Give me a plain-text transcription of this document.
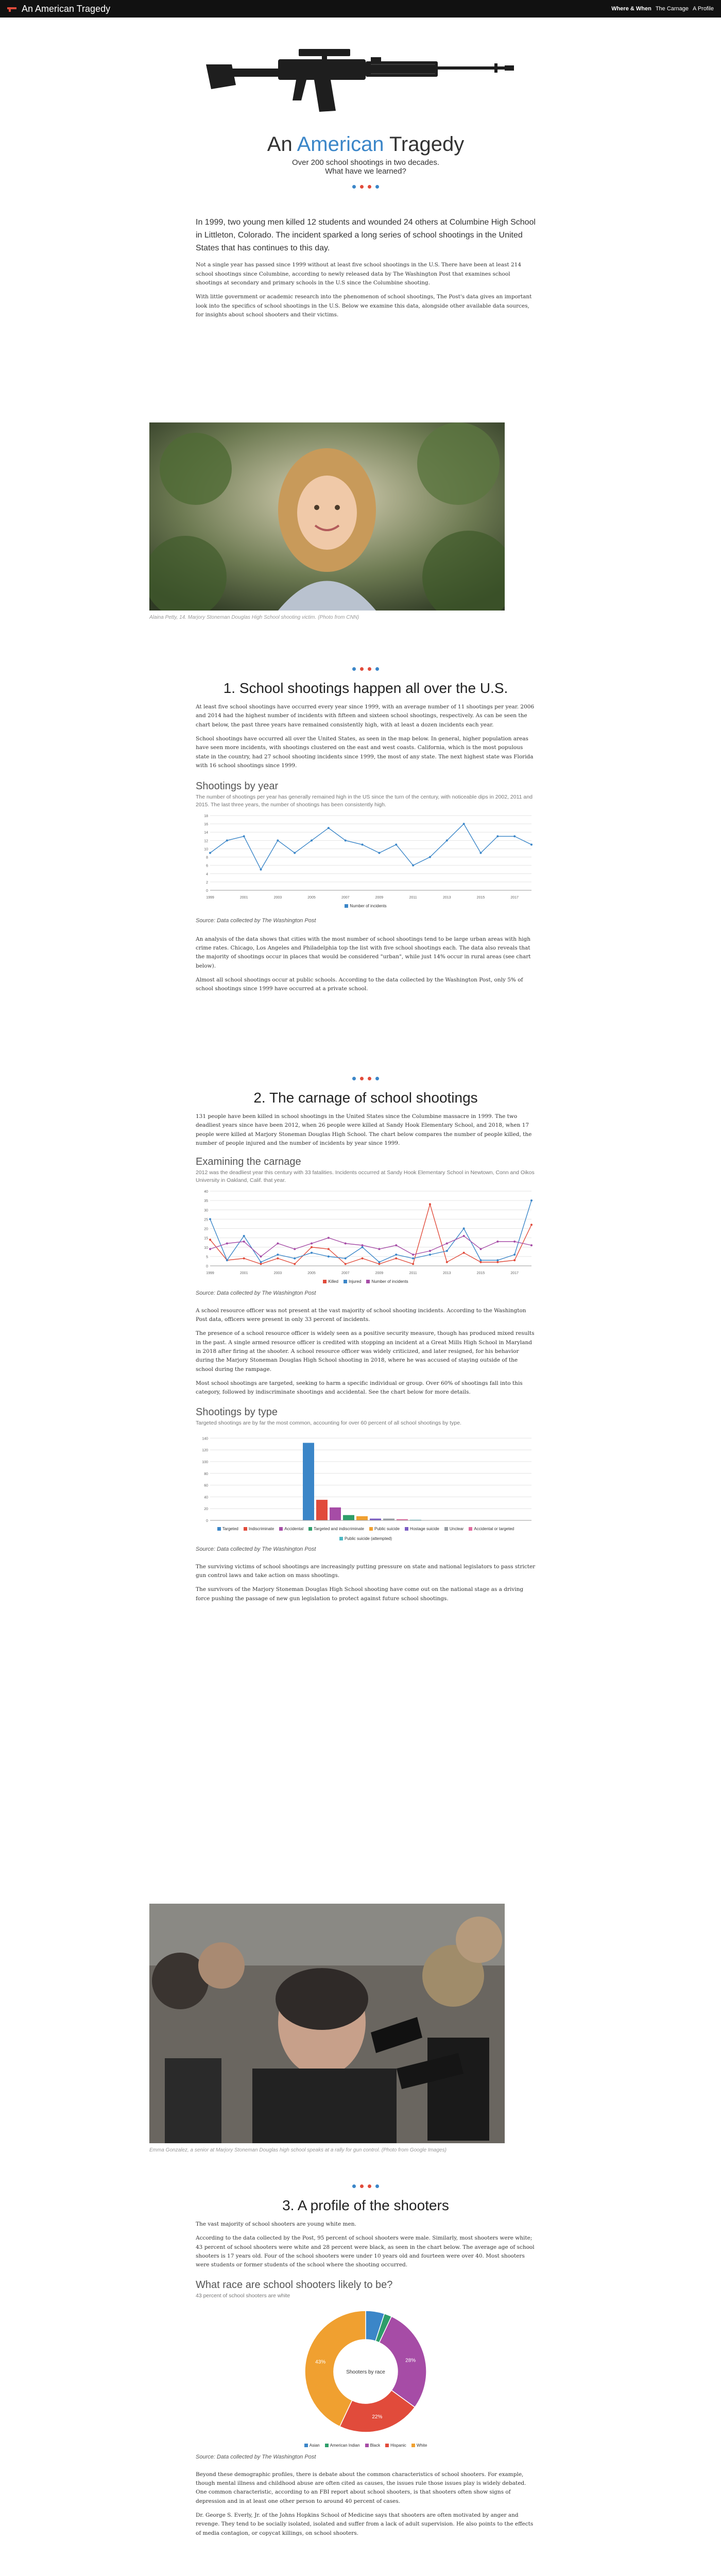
An American Tragedy	Where & When The Carnage A Profile
An American Tragedy
Over 200 school shootings in two decades.
What have we learned?

In 1999, two young men killed 12 students and wounded 24 others at Columbine High School in Littleton, Colorado. The incident sparked a long series of school shootings in the United States that has continues to this day.

Not a single year has passed since 1999 without at least five school shootings in the U.S. There have been at least 214 school shootings since Columbine, according to newly released data by The Washington Post that examines school shootings at secondary and primary schools in the U.S since the Columbine shooting.

With little government or academic research into the phenomenon of school shootings, The Post's data gives an important look into the specifics of school shootings in the U.S. Below we examine this data, alongside other available data sources, for insights about school shooters and their victims.

Alaina Petty, 14. Marjory Stoneman Douglas High School shooting victim. (Photo from CNN)
1. School shootings happen all over the U.S.

At least five school shootings have occurred every year since 1999, with an average number of 11 shootings per year. 2006 and 2014 had the highest number of incidents with fifteen and sixteen school shootings, respectively. As can be seen the chart below, the past three years have remained consistently high, with at least a dozen incidents each year.

School shootings have occurred all over the United States, as seen in the map below. In general, higher population areas have seen more incidents, with shootings clustered on the east and west coasts. California, which is the most populous state in the country, had 27 school shooting incidents since 1999, the most of any state. The next highest state was Florida with 16 school shootings since 1999.

Shootings by year
The number of shootings per year has generally remained high in the US since the turn of the century, with noticeable dips in 2002, 2011 and 2015. The last three years, the number of shootings has been consistently high.
0
2
4
6
8
10
12
14
16
18
1999	2001	2003	2005	2007	2009	2011	2013	2015	2017
Number of incidents

Source: Data collected by The Washington Post

An analysis of the data shows that cities with the most number of school shootings tend to be large urban areas with high crime rates. Chicago, Los Angeles and Philadelphia top the list with five school shootings each. The data also reveals that the majority of shootings occur in places that would be considered "urban", while just 14% occur in rural areas (see chart below).

Almost all school shootings occur at public schools. According to the data collected by the Washington Post, only 5% of school shootings since 1999 have occurred at a private school.

2. The carnage of school shootings

131 people have been killed in school shootings in the United States since the Columbine massacre in 1999. The two deadliest years since have been 2012, when 26 people were killed at Sandy Hook Elementary School, and 2018, when 17 people were killed at Marjory Stoneman Douglas High School. The chart below compares the number of people killed, the number of people injured and the number of incidents by year since 1999.

Examining the carnage
2012 was the deadliest year this century with 33 fatalities. Incidents occurred at Sandy Hook Elementary School in Newtown, Conn and Oikos University in Oakland, Calif. that year.
0
5
10
15
20
25
30
35
40
1999	2001	2003	2005	2007	2009	2011	2013	2015	2017
Killed	Injured	Number of incidents

Source: Data collected by The Washington Post

A school resource officer was not present at the vast majority of school shooting incidents. According to the Washington Post data, officers were present in only 33 percent of incidents.

The presence of a school resource officer is widely seen as a positive security measure, though has produced mixed results in the past. A single armed resource officer is credited with stopping an incident at a Great Mills High School in Maryland in 2018 after firing at the shooter. A school resource officer was widely criticized, and later resigned, for his behavior during the Marjory Stoneman Douglas High School shooting in 2018, where he was accused of staying outside of the school during the rampage.

Most school shootings are targeted, seeking to harm a specific individual or group. Over 60% of shootings fall into this category, followed by indiscriminate shootings and accidental. See the chart below for more details.

Shootings by type
Targeted shootings are by far the most common, accounting for over 60 percent of all school shootings by type.
0
20
40
60
80
100
120
140
Targeted	Indiscriminate	Accidental	Targeted and indiscriminate	Public suicide	Hostage suicide	Unclear	Accidental or targeted
Public suicide (attempted)

Source: Data collected by The Washington Post

The surviving victims of school shootings are increasingly putting pressure on state and national legislators to pass stricter gun control laws and take action on mass shootings.

The survivors of the Marjory Stoneman Douglas High School shooting have come out on the national stage as a driving force pushing the passage of new gun legislation to protect against future school shootings.

Emma Gonzalez, a senior at Marjory Stoneman Douglas high school speaks at a rally for gun control. (Photo from Google Images)
3. A profile of the shooters

The vast majority of school shooters are young white men.

According to the data collected by the Post, 95 percent of school shooters were male. Similarly, most shooters were white; 43 percent of school shooters were white and 28 percent were black, as seen in the chart below. The average age of school shooters is 17 years old. Four of the school shooters were under 10 years old and fourteen were over 40. Most shooters were students or former students of the school where the shooting occurred.

What race are school shooters likely to be?
43 percent of school shooters are white
28%
22%
43%
Shooters by race
Asian	American Indian	Black	Hispanic	White

Source: Data collected by The Washington Post

Beyond these demographic profiles, there is debate about the common characteristics of school shooters. For example, though mental illness and childhood abuse are often cited as causes, the issues rule those issues play is widely debated. One common characteristic, according to an FBI report about school shooters, is that shooters often show signs of depression and in at least one other person to around 40 percent of cases.

Dr. George S. Everly, Jr. of the Johns Hopkins School of Medicine says that shooters are often motivated by anger and revenge. They tend to be socially isolated, isolated and suffer from a lack of adult supervision. He also points to the effects of media contagion, or copycat killings, on school shooters.
